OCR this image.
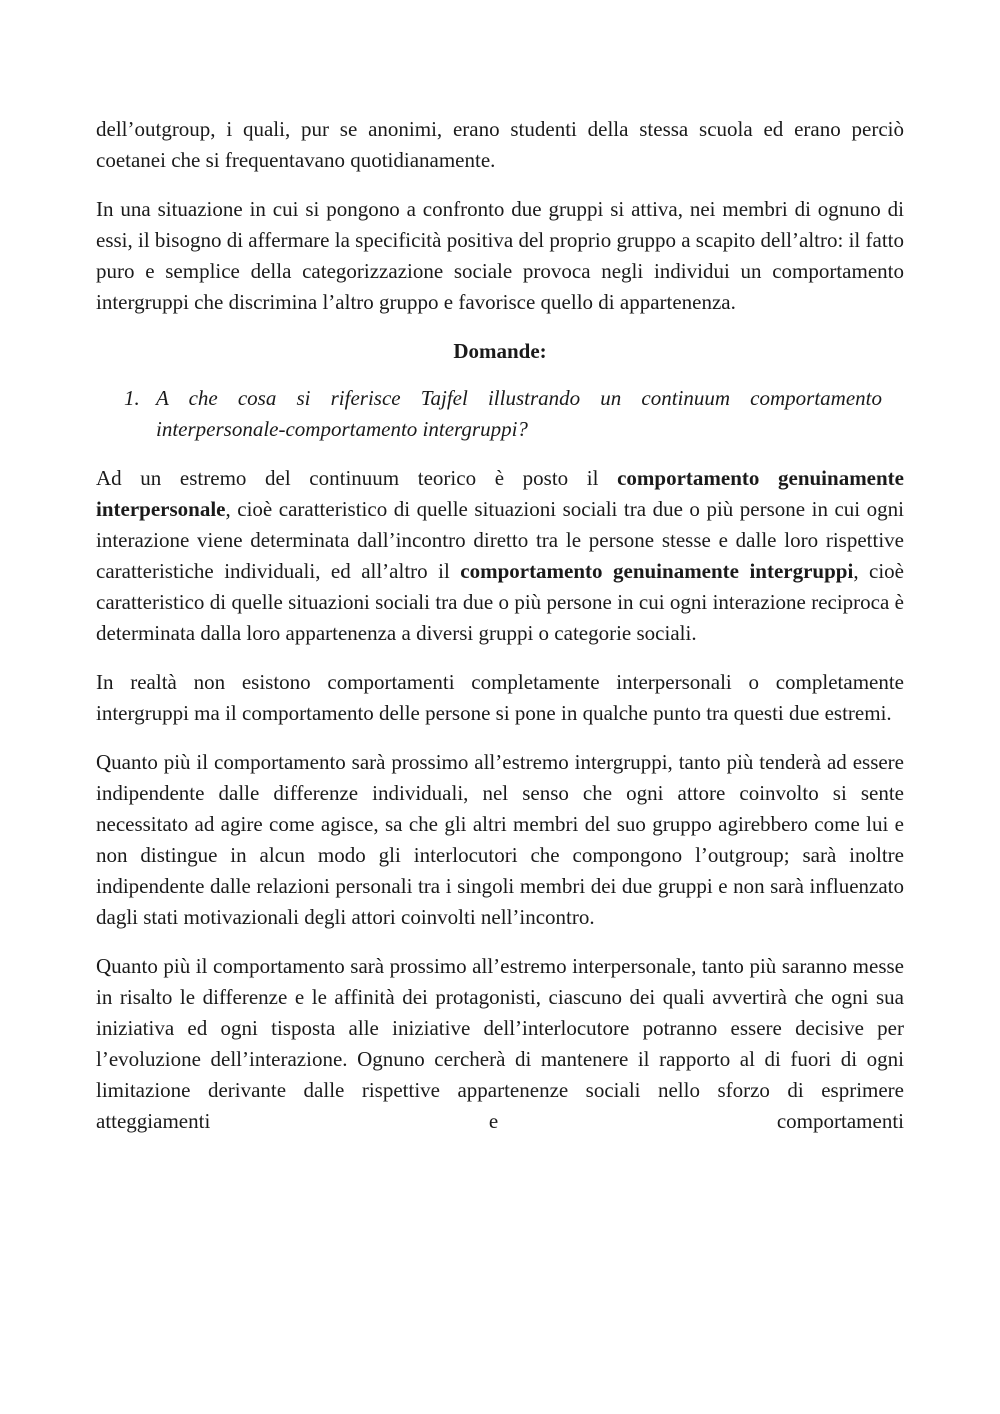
dell’outgroup, i quali, pur se anonimi, erano studenti della stessa scuola ed erano perciò coetanei che si frequentavano quotidianamente.

In una situazione in cui si pongono a confronto due gruppi si attiva, nei membri di ognuno di essi, il bisogno di affermare la specificità positiva del proprio gruppo a scapito dell’altro: il fatto puro e semplice della categorizzazione sociale provoca negli individui un comportamento intergruppi che discrimina l’altro gruppo e favorisce quello di appartenenza.

Domande:
1. A che cosa si riferisce Tajfel illustrando un continuum comportamento interpersonale-comportamento intergruppi?

Ad un estremo del continuum teorico è posto il comportamento genuinamente interpersonale, cioè caratteristico di quelle situazioni sociali tra due o più persone in cui ogni interazione viene determinata dall’incontro diretto tra le persone stesse e dalle loro rispettive caratteristiche individuali, ed all’altro il comportamento genuinamente intergruppi, cioè caratteristico di quelle situazioni sociali tra due o più persone in cui ogni interazione reciproca è determinata dalla loro appartenenza a diversi gruppi o categorie sociali.

In realtà non esistono comportamenti completamente interpersonali o completamente intergruppi ma il comportamento delle persone si pone in qualche punto tra questi due estremi.

Quanto più il comportamento sarà prossimo all’estremo intergruppi, tanto più tenderà ad essere indipendente dalle differenze individuali, nel senso che ogni attore coinvolto si sente necessitato ad agire come agisce, sa che gli altri membri del suo gruppo agirebbero come lui e non distingue in alcun modo gli interlocutori che compongono l’outgroup; sarà inoltre indipendente dalle relazioni personali tra i singoli membri dei due gruppi e non sarà influenzato dagli stati motivazionali degli attori coinvolti nell’incontro.

Quanto più il comportamento sarà prossimo all’estremo interpersonale, tanto più saranno messe in risalto le differenze e le affinità dei protagonisti, ciascuno dei quali avvertirà che ogni sua iniziativa ed ogni tisposta alle iniziative dell’interlocutore potranno essere decisive per l’evoluzione dell’interazione. Ognuno cercherà di mantenere il rapporto al di fuori di ogni limitazione derivante dalle rispettive appartenenze sociali nello sforzo di esprimere atteggiamenti e comportamenti
